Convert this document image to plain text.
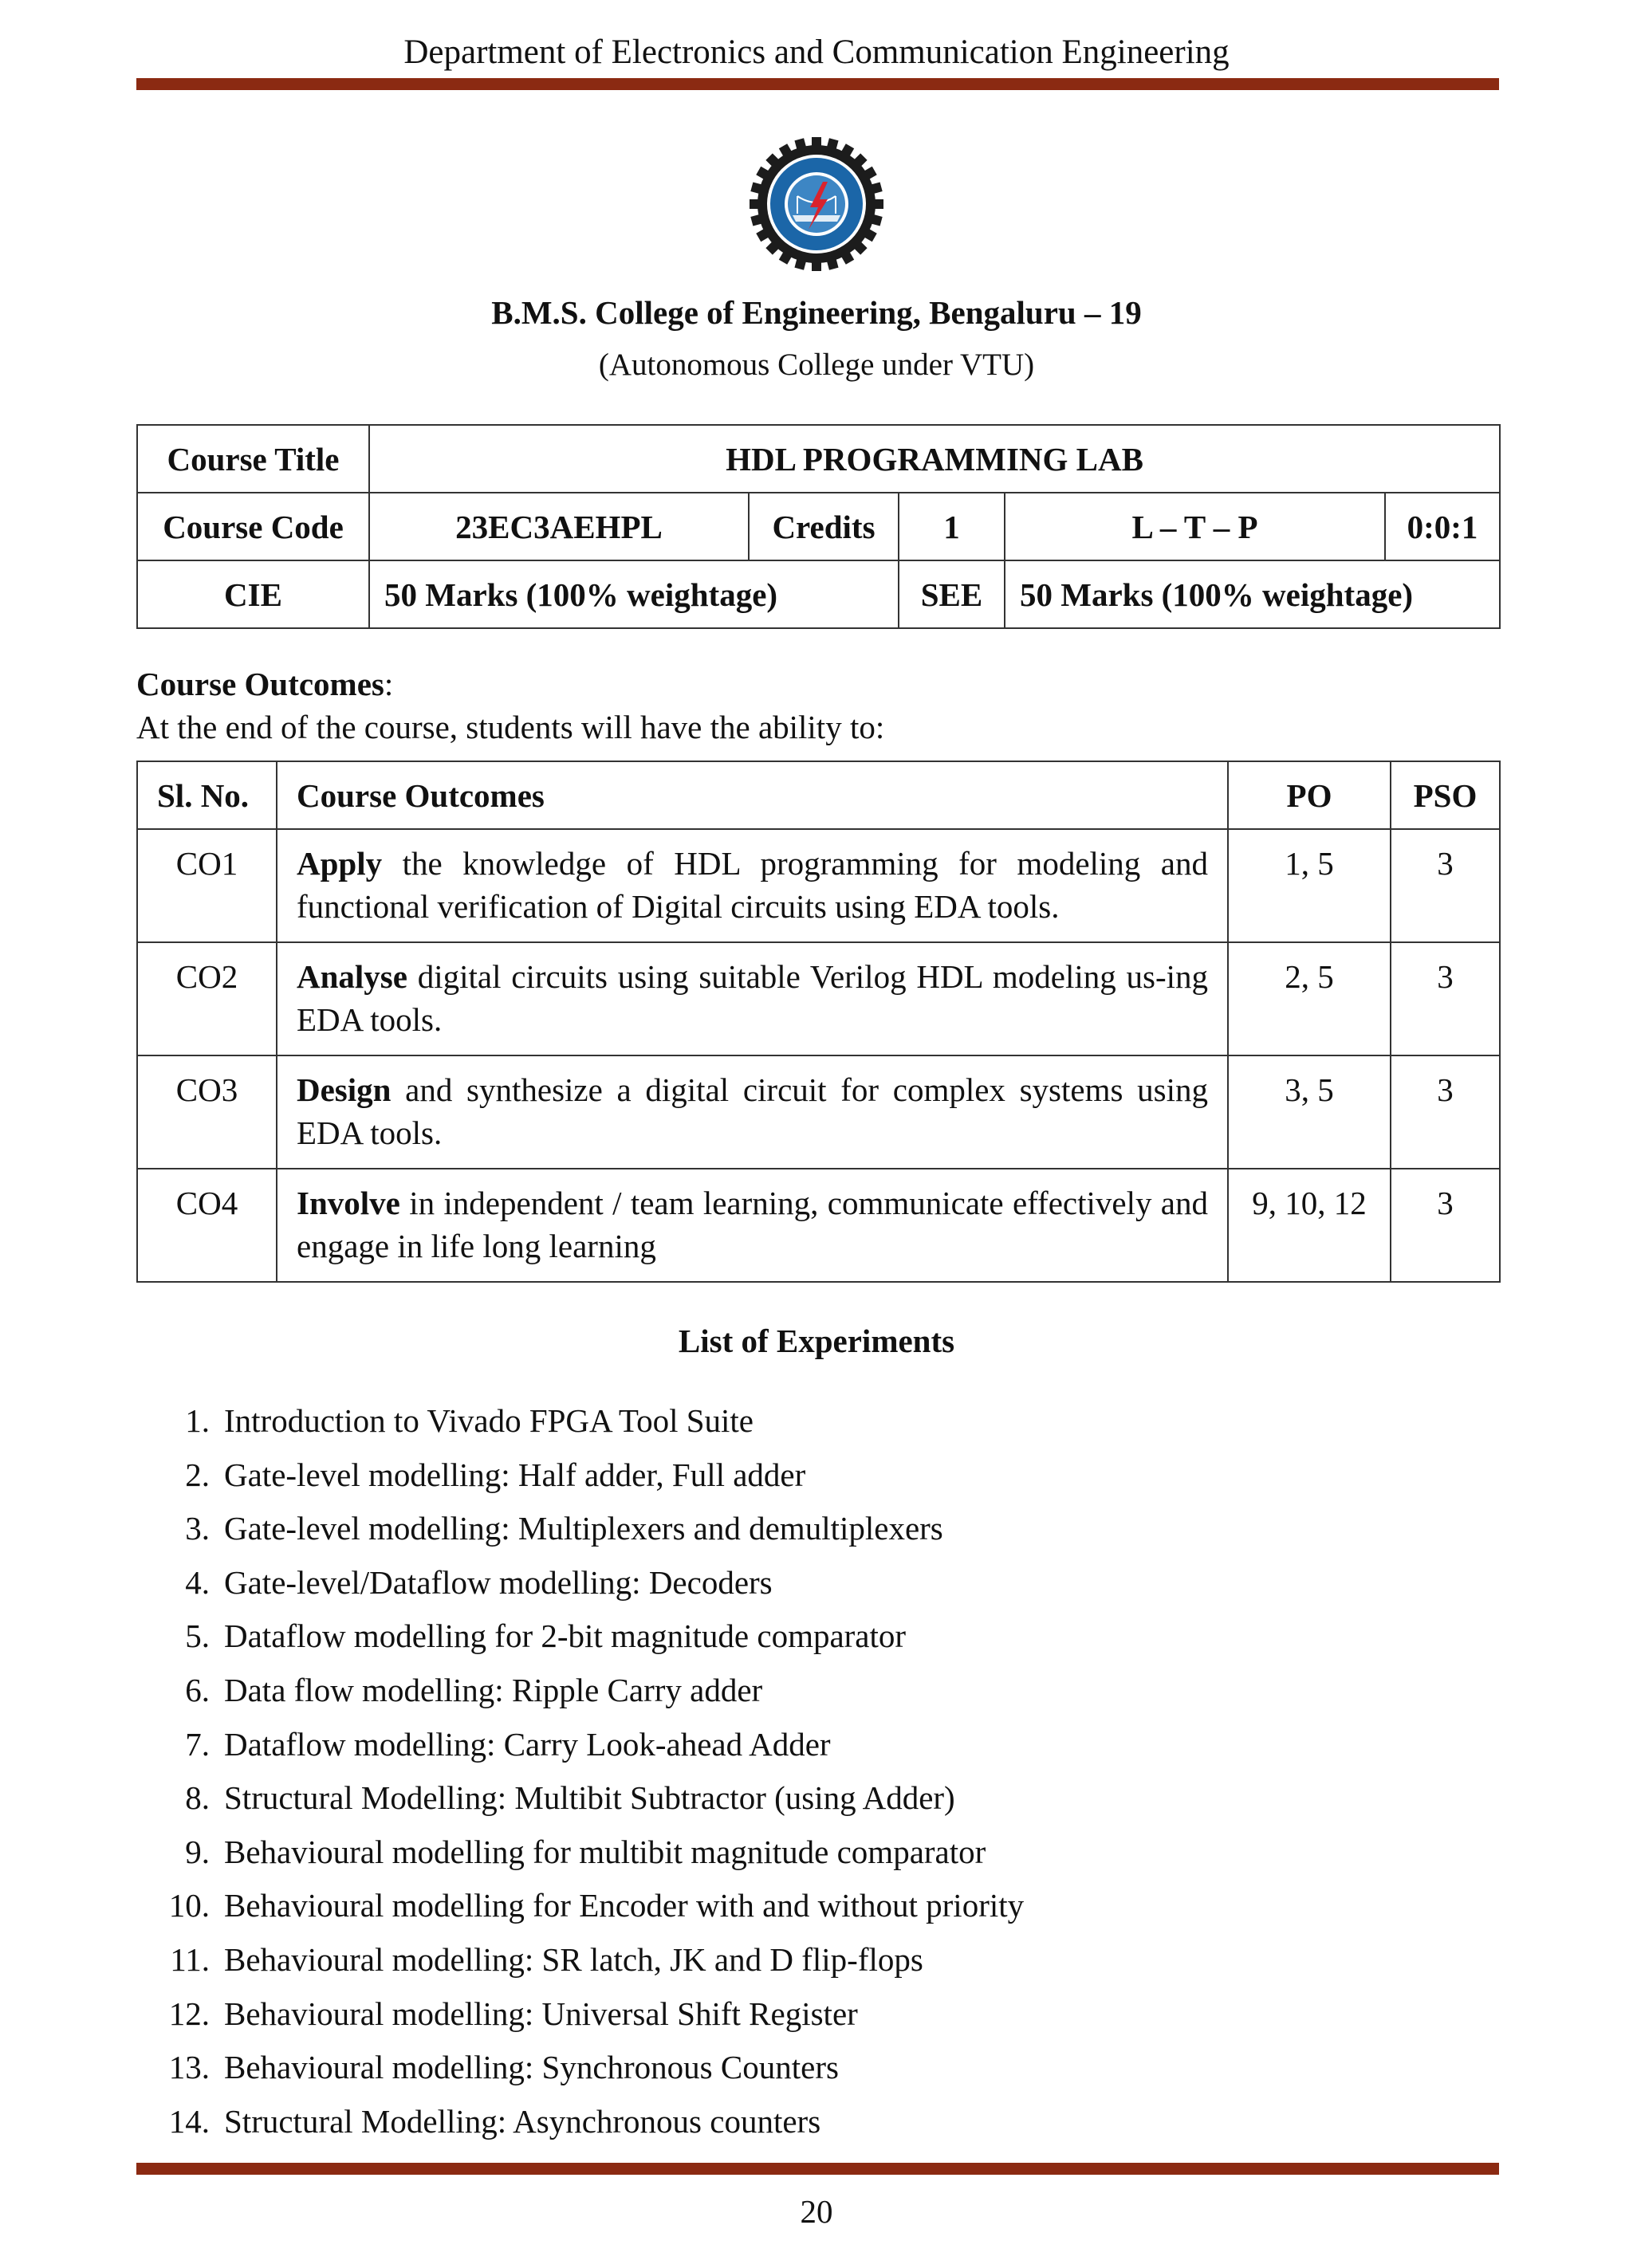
Department of Electronics and Communication Engineering
B.M.S. College of Engineering, Bengaluru – 19
(Autonomous College under VTU)
Course Title	HDL PROGRAMMING LAB				
Course Code	23EC3AEHPL	Credits	1	L – T – P	0:0:1
CIE	50 Marks (100% weightage)		SEE	50 Marks (100% weightage)	
Course Outcomes:
At the end of the course, students will have the ability to:
Sl. No.	Course Outcomes	PO	PSO
CO1	Apply the knowledge of HDL programming for modeling and functional verification of Digital circuits using EDA tools.	1, 5	3
CO2	Analyse digital circuits using suitable Verilog HDL modeling us-ing EDA tools.	2, 5	3
CO3	Design and synthesize a digital circuit for complex systems using EDA tools.	3, 5	3
CO4	Involve in independent / team learning, communicate effectively and engage in life long learning	9, 10, 12	3
List of Experiments
1. Introduction to Vivado FPGA Tool Suite
2. Gate-level modelling: Half adder, Full adder
3. Gate-level modelling: Multiplexers and demultiplexers
4. Gate-level/Dataflow modelling: Decoders
5. Dataflow modelling for 2-bit magnitude comparator
6. Data flow modelling: Ripple Carry adder
7. Dataflow modelling: Carry Look-ahead Adder
8. Structural Modelling: Multibit Subtractor (using Adder)
9. Behavioural modelling for multibit magnitude comparator
10. Behavioural modelling for Encoder with and without priority
11. Behavioural modelling: SR latch, JK and D flip-flops
12. Behavioural modelling: Universal Shift Register
13. Behavioural modelling: Synchronous Counters
14. Structural Modelling: Asynchronous counters
20
